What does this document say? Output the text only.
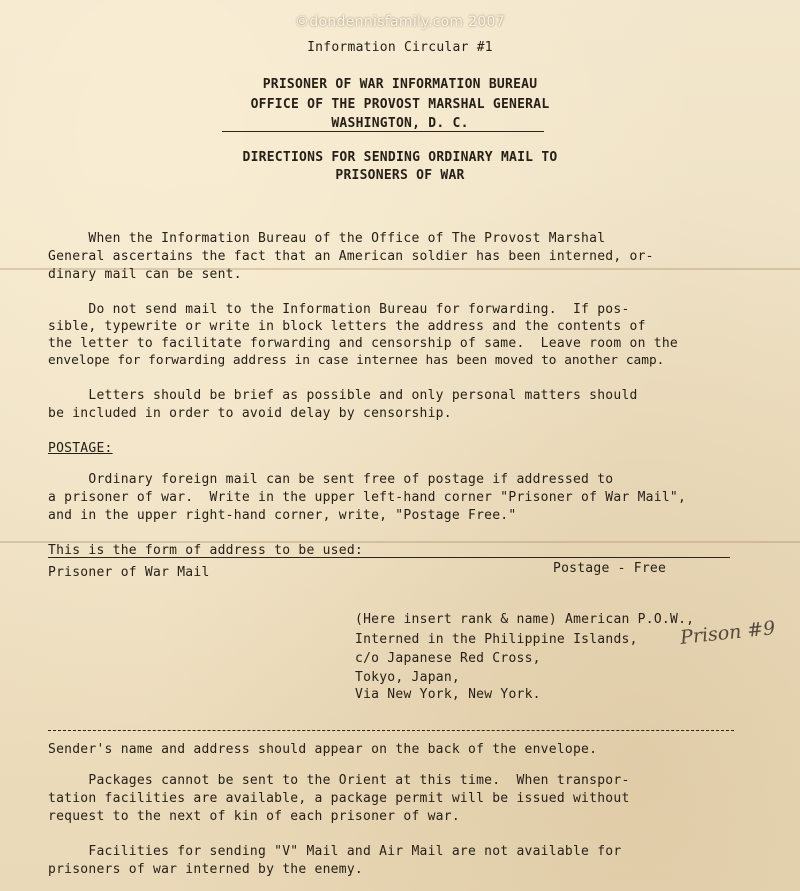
©dondennisfamily.com 2007
Information Circular #1
PRISONER OF WAR INFORMATION BUREAU
OFFICE OF THE PROVOST MARSHAL GENERAL
WASHINGTON, D. C.
DIRECTIONS FOR SENDING ORDINARY MAIL TO
PRISONERS OF WAR
When the Information Bureau of the Office of The Provost Marshal
General ascertains the fact that an American soldier has been interned, or-
dinary mail can be sent.
Do not send mail to the Information Bureau for forwarding.  If pos-
sible, typewrite or write in block letters the address and the contents of
the letter to facilitate forwarding and censorship of same.  Leave room on the
envelope for forwarding address in case internee has been moved to another camp.
Letters should be brief as possible and only personal matters should
be included in order to avoid delay by censorship.
POSTAGE:
Ordinary foreign mail can be sent free of postage if addressed to
a prisoner of war.  Write in the upper left-hand corner "Prisoner of War Mail",
and in the upper right-hand corner, write, "Postage Free."
This is the form of address to be used:
Prisoner of War Mail	Postage - Free
(Here insert rank & name) American P.O.W.,
Interned in the Philippine Islands,
c/o Japanese Red Cross,
Tokyo, Japan,
Via New York, New York.
Prison #9
Sender's name and address should appear on the back of the envelope.
Packages cannot be sent to the Orient at this time.  When transpor-
tation facilities are available, a package permit will be issued without
request to the next of kin of each prisoner of war.
Facilities for sending "V" Mail and Air Mail are not available for
prisoners of war interned by the enemy.
